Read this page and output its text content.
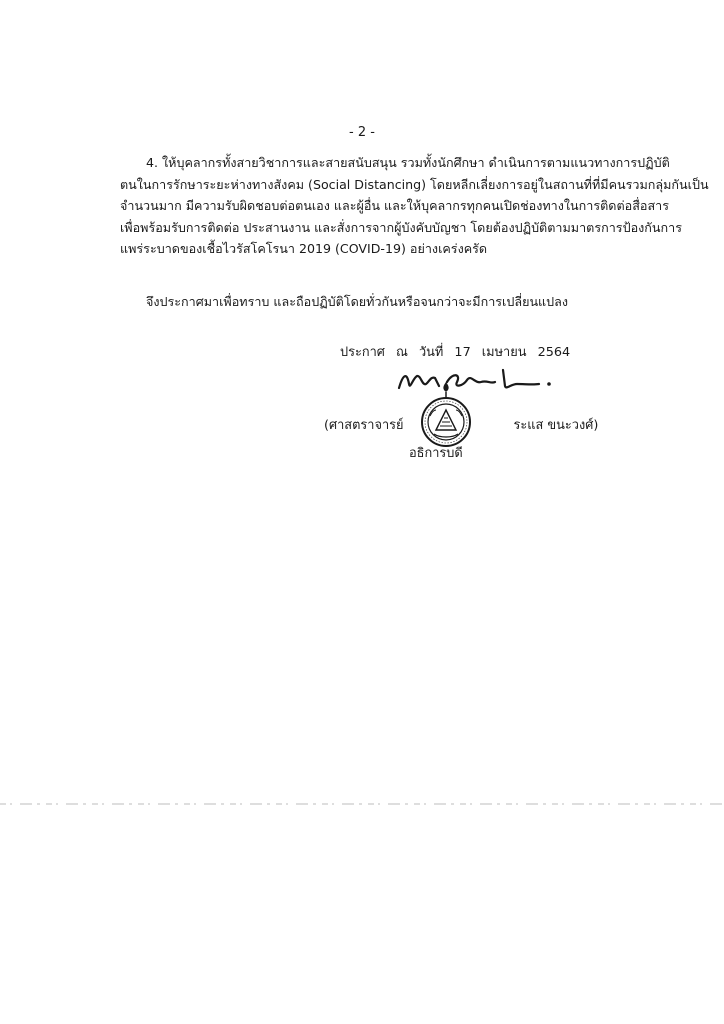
- 2 -
4. ให้บุคลากรทั้งสายวิชาการและสายสนับสนุน รวมทั้งนักศึกษา ดำเนินการตามแนวทางการปฏิบัติ
ตนในการรักษาระยะห่างทางสังคม (Social Distancing) โดยหลีกเลี่ยงการอยู่ในสถานที่ที่มีคนรวมกลุ่มกันเป็น
จำนวนมาก มีความรับผิดชอบต่อตนเอง และผู้อื่น และให้บุคลากรทุกคนเปิดช่องทางในการติดต่อสื่อสาร
เพื่อพร้อมรับการติดต่อ ประสานงาน และสั่งการจากผู้บังคับบัญชา โดยต้องปฏิบัติตามมาตรการป้องกันการ
แพร่ระบาดของเชื้อไวรัสโคโรนา 2019 (COVID-19) อย่างเคร่งครัด
จึงประกาศมาเพื่อทราบ และถือปฏิบัติโดยทั่วกันหรือจนกว่าจะมีการเปลี่ยนแปลง
ประกาศ ณ วันที่ 17 เมษายน 2564
(ศาสตราจารย์	ระแส ขนะวงศ์)
อธิการบดี
